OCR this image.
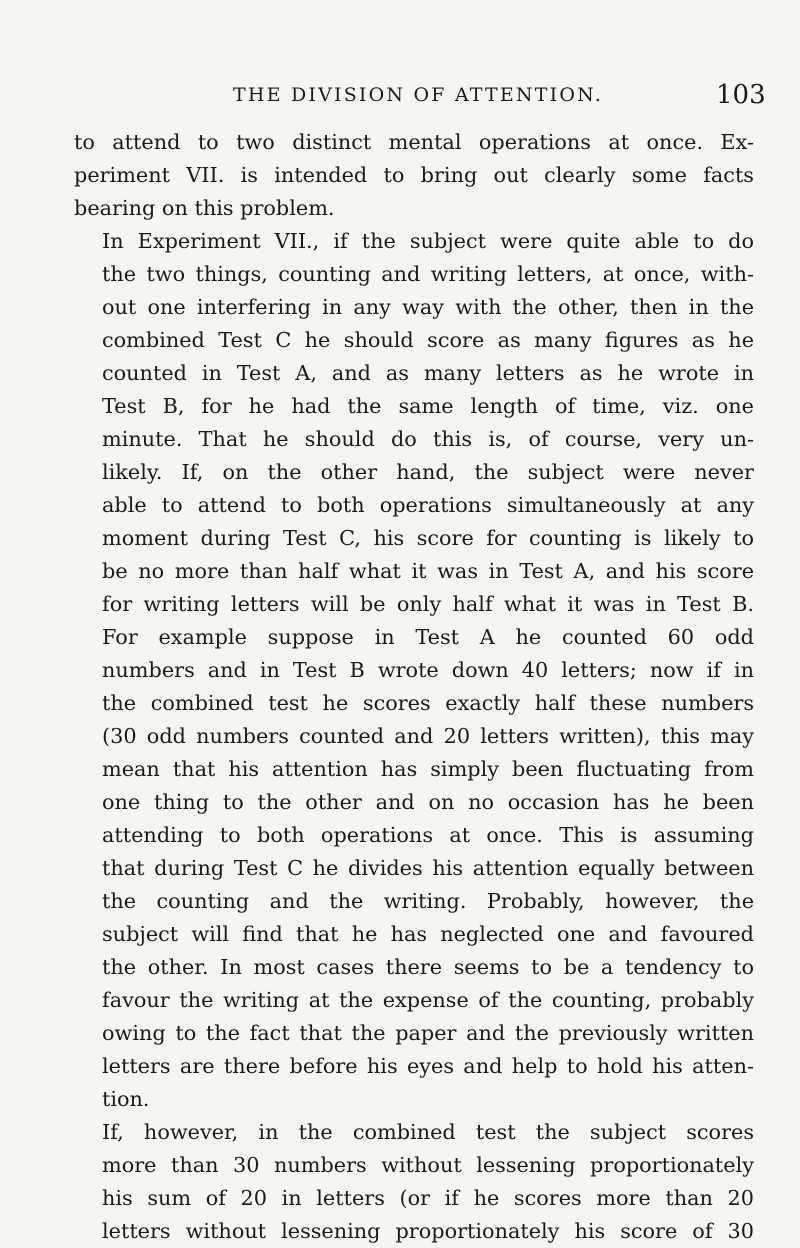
THE DIVISION OF ATTENTION.	103
to attend to two distinct mental operations at once. Ex-
periment VII. is intended to bring out clearly some facts
bearing on this problem.
In Experiment VII., if the subject were quite able to do
the two things, counting and writing letters, at once, with-
out one interfering in any way with the other, then in the
combined Test C he should score as many figures as he
counted in Test A, and as many letters as he wrote in
Test B, for he had the same length of time, viz. one
minute. That he should do this is, of course, very un-
likely. If, on the other hand, the subject were never
able to attend to both operations simultaneously at any
moment during Test C, his score for counting is likely to
be no more than half what it was in Test A, and his score
for writing letters will be only half what it was in Test B.
For example suppose in Test A he counted 60 odd
numbers and in Test B wrote down 40 letters; now if in
the combined test he scores exactly half these numbers
(30 odd numbers counted and 20 letters written), this may
mean that his attention has simply been fluctuating from
one thing to the other and on no occasion has he been
attending to both operations at once. This is assuming
that during Test C he divides his attention equally between
the counting and the writing. Probably, however, the
subject will find that he has neglected one and favoured
the other. In most cases there seems to be a tendency to
favour the writing at the expense of the counting, probably
owing to the fact that the paper and the previously written
letters are there before his eyes and help to hold his atten-
tion.
If, however, in the combined test the subject scores
more than 30 numbers without lessening proportionately
his sum of 20 in letters (or if he scores more than 20
letters without lessening proportionately his score of 30
